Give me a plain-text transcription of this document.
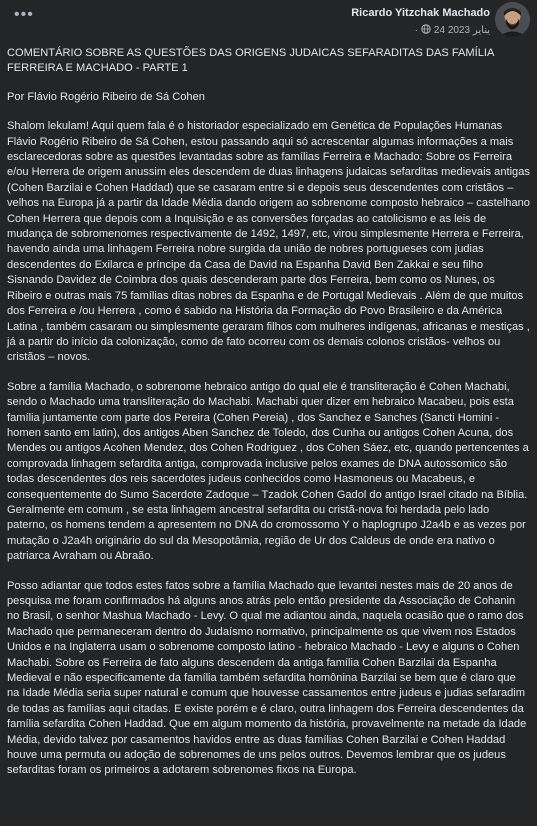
•••	Ricardo Yitzchak Machado
· 24 يناير 2023

COMENTÁRIO SOBRE AS QUESTÕES DAS ORIGENS JUDAICAS SEFARADITAS DAS FAMÍLIA FERREIRA E MACHADO - PARTE 1

Por Flávio Rogério Ribeiro de Sá Cohen

Shalom lekulam! Aqui quem fala é o historiador especializado em Genética de Populações Humanas Flávio Rogério Ribeiro de Sá Cohen, estou passando aqui só acrescentar algumas informações a mais esclarecedoras sobre as questões levantadas sobre as famílias Ferreira e Machado: Sobre os Ferreira e/ou Herrera de origem anussim eles descendem de duas linhagens judaicas sefarditas medievais antigas (Cohen Barzilai e Cohen Haddad) que se casaram entre si e depois seus descendentes com cristãos – velhos na Europa já a partir da Idade Média dando origem ao sobrenome composto hebraico – castelhano Cohen Herrera que depois com a Inquisição e as conversões forçadas ao catolicismo e as leis de mudança de sobromenomes respectivamente de 1492, 1497, etc, virou simplesmente Herrera e Ferreira, havendo ainda uma linhagem Ferreira nobre surgida da união de nobres portugueses com judias descendentes do Exilarca e príncipe da Casa de David na Espanha David Ben Zakkai e seu filho Sisnando Davidez de Coimbra dos quais descenderam parte dos Ferreira, bem como os Nunes, os Ribeiro e outras mais 75 famílias ditas nobres da Espanha e de Portugal Medievais . Além de que muitos dos Ferreira e /ou Herrera , como é sabido na História da Formação do Povo Brasileiro e da América Latina , também casaram ou simplesmente geraram filhos com mulheres indígenas, africanas e mestiças , já a partir do início da colonização, como de fato ocorreu com os demais colonos cristãos- velhos ou cristãos – novos.

Sobre a família Machado, o sobrenome hebraico antigo do qual ele é transliteração é Cohen Machabi, sendo o Machado uma transliteração do Machabi. Machabi quer dizer em hebraico Macabeu, pois esta família juntamente com parte dos Pereira (Cohen Pereia) , dos Sanchez e Sanches (Sancti Homini - homen santo em latin), dos antigos Aben Sanchez de Toledo, dos Cunha ou antigos Cohen Acuna, dos Mendes ou antigos Acohen Mendez, dos Cohen Rodriguez , dos Cohen Sáez, etc, quando pertencentes a comprovada linhagem sefardita antiga, comprovada inclusive pelos exames de DNA autossomico são todas descendentes dos reis sacerdotes judeus conhecidos como Hasmoneus ou Macabeus, e consequentemente do Sumo Sacerdote Zadoque – Tzadok Cohen Gadol do antigo Israel citado na Bíblia. Geralmente em comum , se esta linhagem ancestral sefardita ou cristã-nova foi herdada pelo lado paterno, os homens tendem a apresentem no DNA do cromossomo Y o haplogrupo J2a4b e as vezes por mutação o J2a4h originário do sul da Mesopotâmia, região de Ur dos Caldeus de onde era nativo o patriarca Avraham ou Abraão.

Posso adiantar que todos estes fatos sobre a família Machado que levantei nestes mais de 20 anos de pesquisa me foram confirmados há alguns anos atrás pelo então presidente da Associação de Cohanin no Brasil, o senhor Mashua Machado - Levy. O qual me adiantou ainda, naquela ocasião que o ramo dos Machado que permaneceram dentro do Judaísmo normativo, principalmente os que vivem nos Estados Unidos e na Inglaterra usam o sobrenome composto latino - hebraico Machado - Levy e alguns o Cohen Machabi. Sobre os Ferreira de fato alguns descendem da antiga família Cohen Barzilai da Espanha Medieval e não especificamente da família também sefardita homônina Barzilai se bem que é claro que na Idade Média seria super natural e comum que houvesse cassamentos entre judeus e judias sefaradim de todas as famílias aqui citadas. E existe porém e é claro, outra linhagem dos Ferreira descendentes da família sefardita Cohen Haddad. Que em algum momento da história, provavelmente na metade da Idade Média, devido talvez por casamentos havidos entre as duas famílias Cohen Barzilai e Cohen Haddad houve uma permuta ou adoção de sobrenomes de uns pelos outros. Devemos lembrar que os judeus sefarditas foram os primeiros a adotarem sobrenomes fixos na Europa.
